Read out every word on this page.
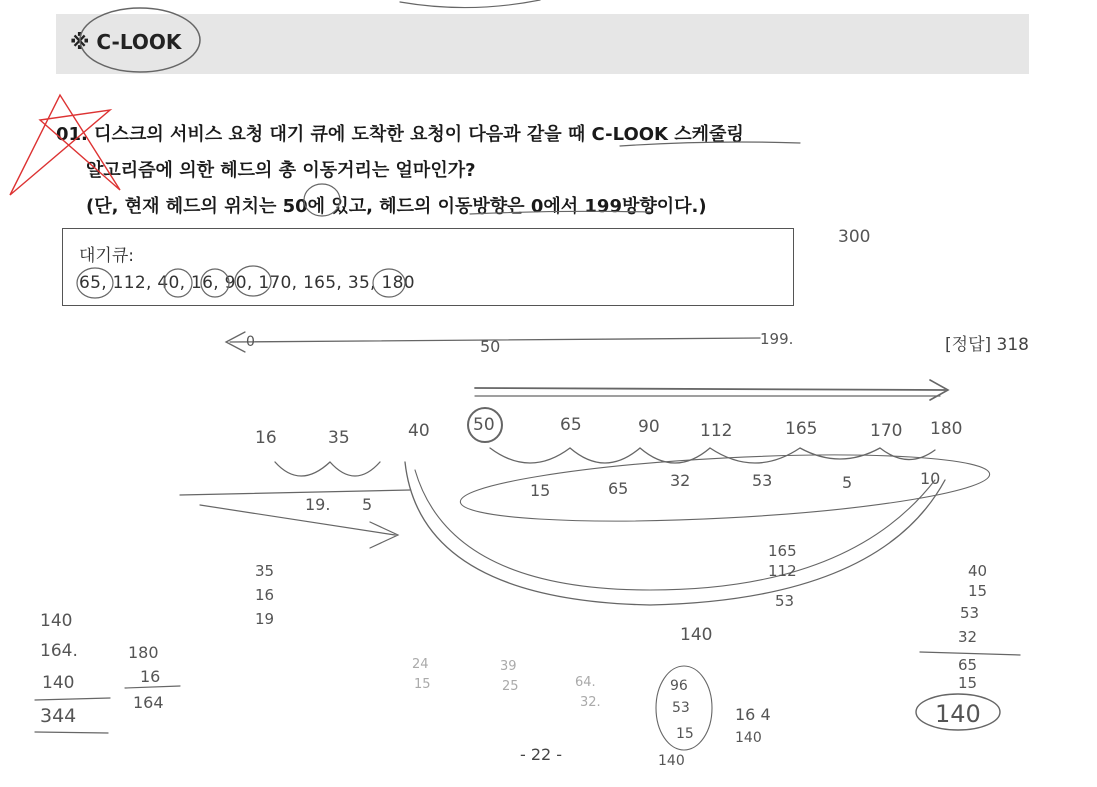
※ C-LOOK
01. 디스크의 서비스 요청 대기 큐에 도착한 요청이 다음과 같을 때 C-LOOK 스케줄링
알고리즘에 의한 헤드의 총 이동거리는 얼마인가?
(단, 현재 헤드의 위치는 50에 있고, 헤드의 이동방향은 0에서 199방향이다.)
대기큐:
65, 112, 40, 16, 90, 170, 165, 35, 180
[정답] 318
- 22 -
300
0	50	199.
16	35	40	50	65	90 112	165	170 180
15	65	32	53	5	10
19. 5
35
16
19
165
112
53
140
40
15
53
32
65
15
140
140
164.
140
344
180
16
164
24
15
39
25	64.
32.
96
53
15
140
16 4
140
